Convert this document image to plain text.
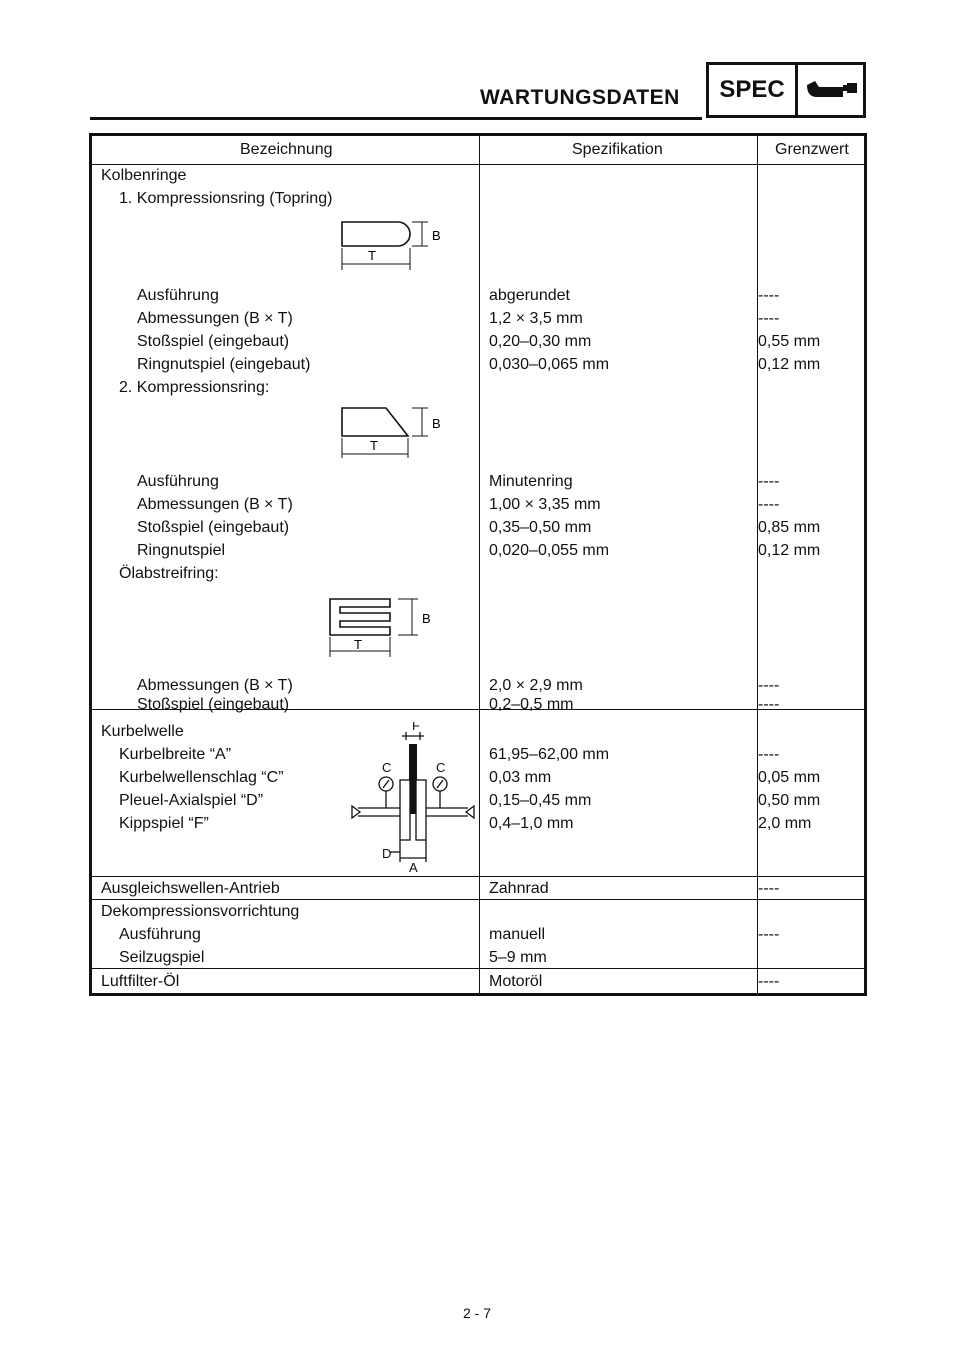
WARTUNGSDATEN	SPEC
Bezeichnung	Spezifikation	Grenzwert
Kolbenringe
1. Kompressionsring (Topring)
B
T
Ausführung	abgerundet	----
Abmessungen (B × T)	1,2 × 3,5 mm	----
Stoßspiel (eingebaut)	0,20–0,30 mm	0,55 mm
Ringnutspiel (eingebaut)	0,030–0,065 mm	0,12 mm
2. Kompressionsring:
B
T
Ausführung	Minutenring	----
Abmessungen (B × T)	1,00 × 3,35 mm	----
Stoßspiel (eingebaut)	0,35–0,50 mm	0,85 mm
Ringnutspiel	0,020–0,055 mm	0,12 mm
Ölabstreifring:
B
T
Abmessungen (B × T)	2,0 × 2,9 mm	----
Stoßspiel (eingebaut)	0,2–0,5 mm	----
Kurbelwelle
Kurbelbreite “A”	61,95–62,00 mm	----
Kurbelwellenschlag “C”	0,03 mm	0,05 mm
Pleuel-Axialspiel “D”	0,15–0,45 mm	0,50 mm
Kippspiel “F”	0,4–1,0 mm	2,0 mm
F
C	C
D
A
Ausgleichswellen-Antrieb	Zahnrad	----
Dekompressionsvorrichtung
Ausführung	manuell	----
Seilzugspiel	5–9 mm
Luftfilter-Öl	Motoröl	----
2 - 7
